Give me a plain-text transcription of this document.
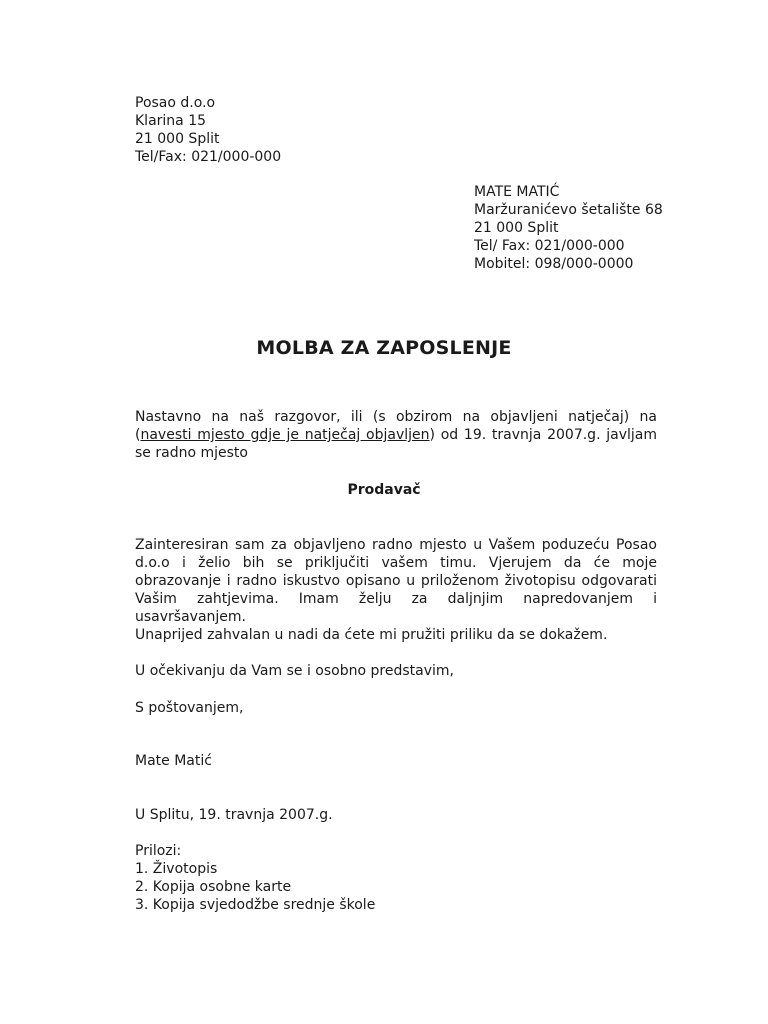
Posao d.o.o
Klarina 15
21 000 Split
Tel/Fax: 021/000-000
MATE MATIĆ
Maržuranićevo šetalište 68
21 000 Split
Tel/ Fax: 021/000-000
Mobitel: 098/000-0000
MOLBA ZA ZAPOSLENJE
Nastavno na naš razgovor, ili (s obzirom na objavljeni natječaj) na (navesti mjesto gdje je natječaj objavljen) od 19. travnja 2007.g. javljam se radno mjesto
Prodavač
Zainteresiran sam za objavljeno radno mjesto u Vašem poduzeću Posao d.o.o i želio bih se priključiti vašem timu. Vjerujem da će moje obrazovanje i radno iskustvo opisano u priloženom životopisu odgovarati Vašim zahtjevima. Imam želju za daljnjim napredovanjem i usavršavanjem.
Unaprijed zahvalan u nadi da ćete mi pružiti priliku da se dokažem.
U očekivanju da Vam se i osobno predstavim,
S poštovanjem,
Mate Matić
U Splitu, 19. travnja 2007.g.
Prilozi:
1. Životopis
2. Kopija osobne karte
3. Kopija svjedodžbe srednje škole
